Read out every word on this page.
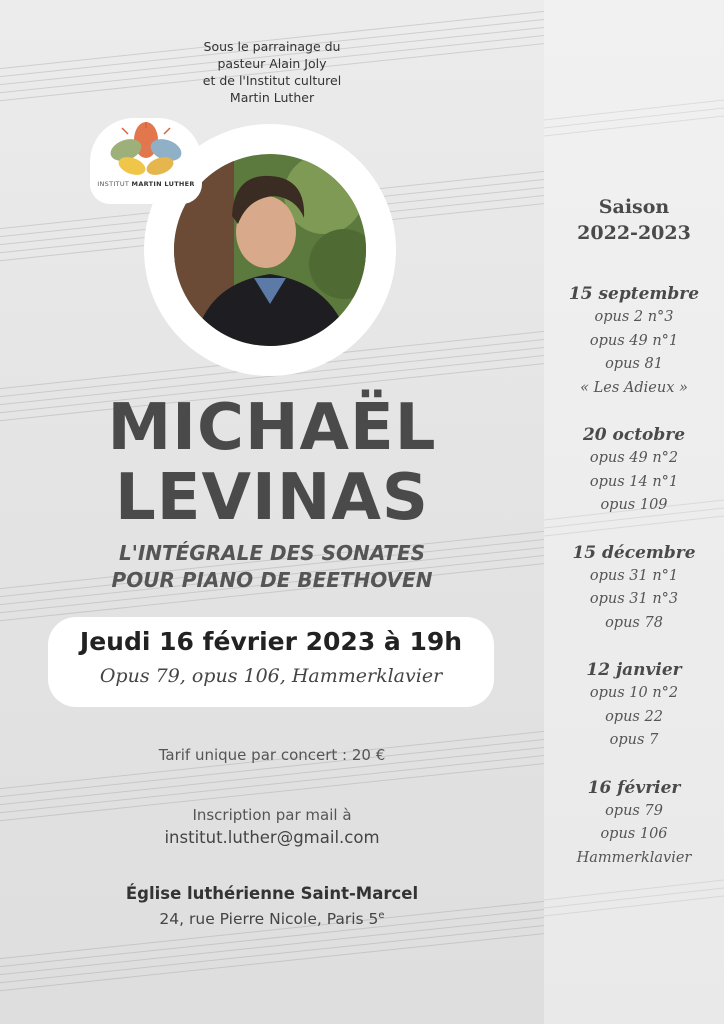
Sous le parrainage du
pasteur Alain Joly
et de l'Institut culturel
Martin Luther
INSTITUT MARTIN LUTHER
MICHAËL
LEVINAS
L'INTÉGRALE DES SONATES
POUR PIANO DE BEETHOVEN
Jeudi 16 février 2023 à 19h
Opus 79, opus 106, Hammerklavier
Tarif unique par concert : 20 €
Inscription par mail à
institut.luther@gmail.com
Église luthérienne Saint-Marcel
24, rue Pierre Nicole, Paris 5e
Saison
2022-2023
15 septembre
opus 2 n°3
opus 49 n°1
opus 81
« Les Adieux »
20 octobre
opus 49 n°2
opus 14 n°1
opus 109
15 décembre
opus 31 n°1
opus 31 n°3
opus 78
12 janvier
opus 10 n°2
opus 22
opus 7
16 février
opus 79
opus 106
Hammerklavier
